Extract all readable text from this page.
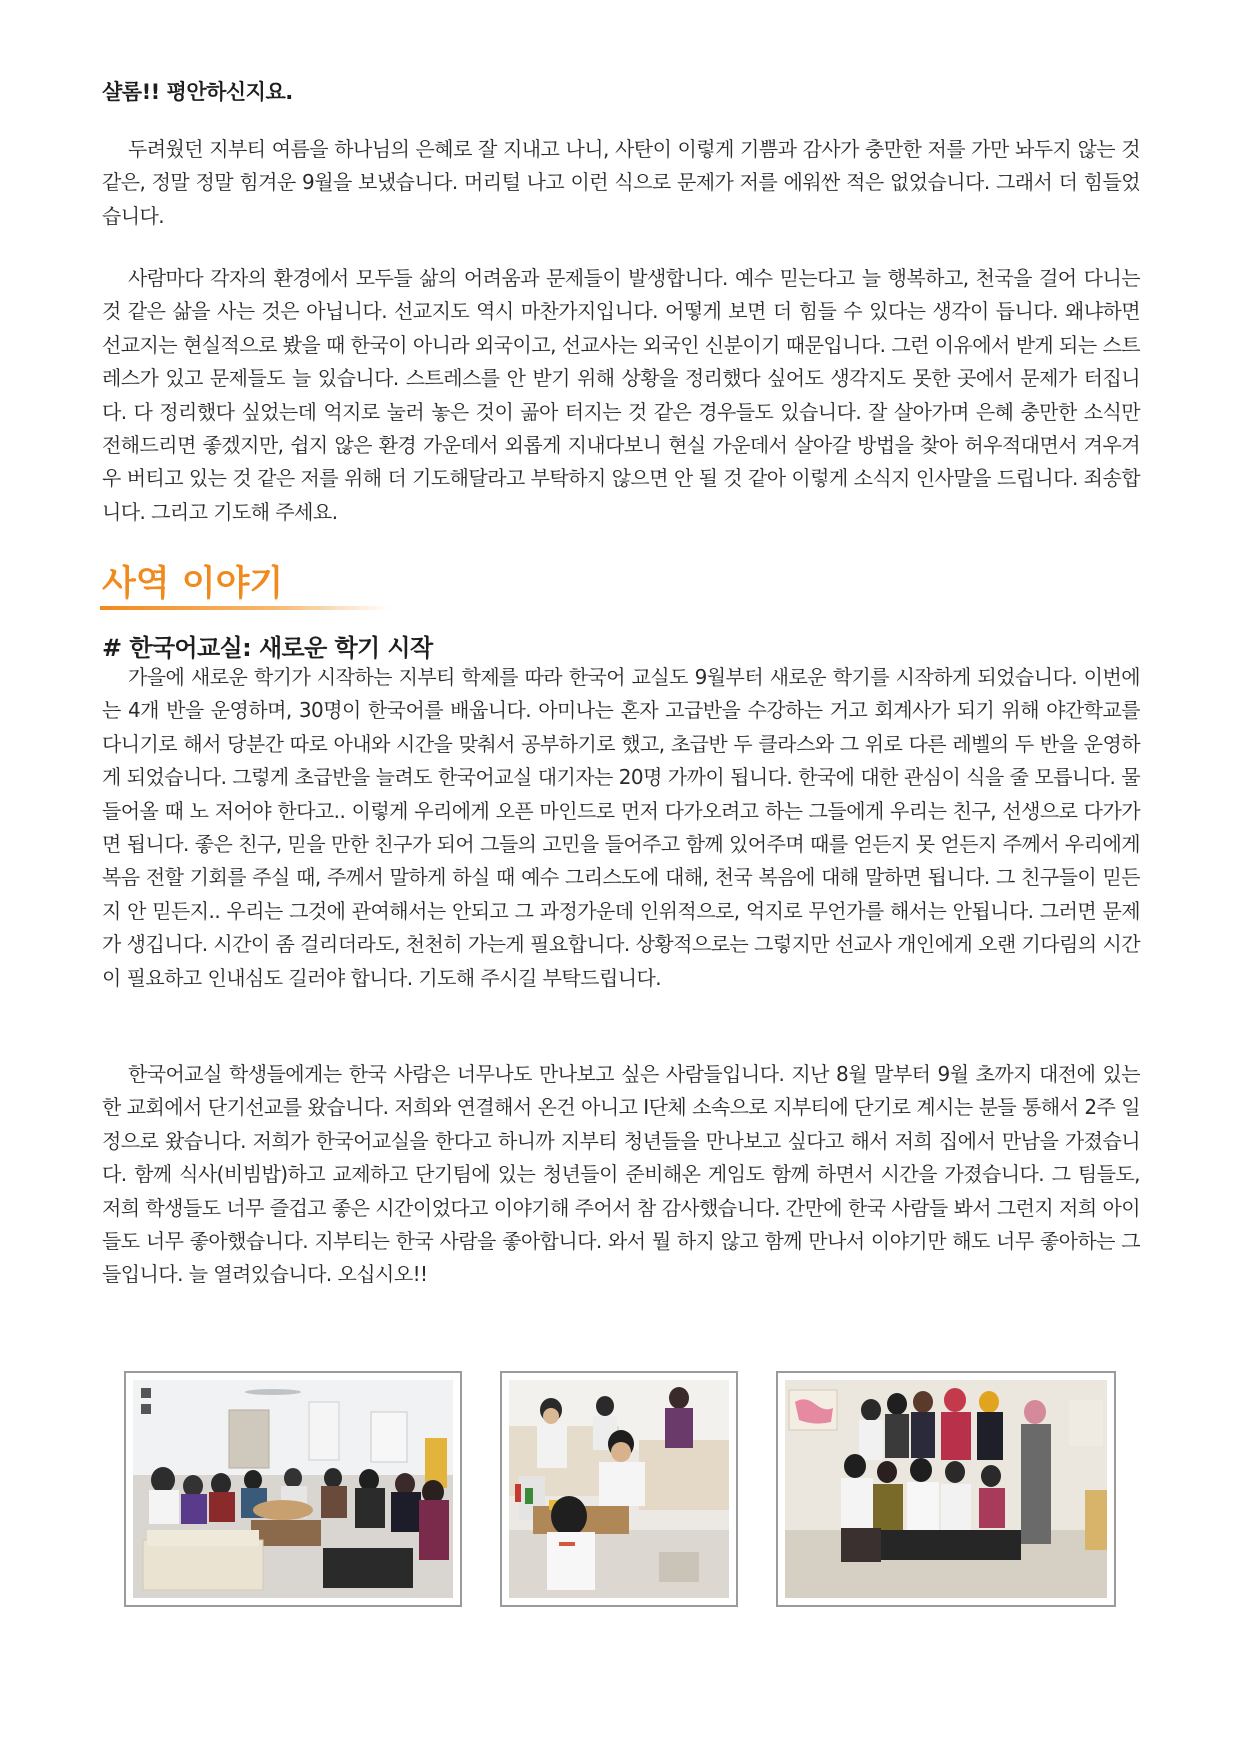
샬롬!! 평안하신지요.

두려웠던 지부티 여름을 하나님의 은혜로 잘 지내고 나니, 사탄이 이렇게 기쁨과 감사가 충만한 저를 가만 놔두지 않는 것 같은, 정말 정말 힘겨운 9월을 보냈습니다. 머리털 나고 이런 식으로 문제가 저를 에워싼 적은 없었습니다. 그래서 더 힘들었습니다.

사람마다 각자의 환경에서 모두들 삶의 어려움과 문제들이 발생합니다. 예수 믿는다고 늘 행복하고, 천국을 걸어 다니는 것 같은 삶을 사는 것은 아닙니다. 선교지도 역시 마찬가지입니다. 어떻게 보면 더 힘들 수 있다는 생각이 듭니다. 왜냐하면 선교지는 현실적으로 봤을 때 한국이 아니라 외국이고, 선교사는 외국인 신분이기 때문입니다. 그런 이유에서 받게 되는 스트레스가 있고 문제들도 늘 있습니다. 스트레스를 안 받기 위해 상황을 정리했다 싶어도 생각지도 못한 곳에서 문제가 터집니다. 다 정리했다 싶었는데 억지로 눌러 놓은 것이 곪아 터지는 것 같은 경우들도 있습니다. 잘 살아가며 은혜 충만한 소식만 전해드리면 좋겠지만, 쉽지 않은 환경 가운데서 외롭게 지내다보니 현실 가운데서 살아갈 방법을 찾아 허우적대면서 겨우겨우 버티고 있는 것 같은 저를 위해 더 기도해달라고 부탁하지 않으면 안 될 것 같아 이렇게 소식지 인사말을 드립니다. 죄송합니다. 그리고 기도해 주세요.

사역 이야기
# 한국어교실: 새로운 학기 시작

가을에 새로운 학기가 시작하는 지부티 학제를 따라 한국어 교실도 9월부터 새로운 학기를 시작하게 되었습니다. 이번에는 4개 반을 운영하며, 30명이 한국어를 배웁니다. 아미나는 혼자 고급반을 수강하는 거고 회계사가 되기 위해 야간학교를 다니기로 해서 당분간 따로 아내와 시간을 맞춰서 공부하기로 했고, 초급반 두 클라스와 그 위로 다른 레벨의 두 반을 운영하게 되었습니다. 그렇게 초급반을 늘려도 한국어교실 대기자는 20명 가까이 됩니다. 한국에 대한 관심이 식을 줄 모릅니다. 물 들어올 때 노 저어야 한다고.. 이렇게 우리에게 오픈 마인드로 먼저 다가오려고 하는 그들에게 우리는 친구, 선생으로 다가가면 됩니다. 좋은 친구, 믿을 만한 친구가 되어 그들의 고민을 들어주고 함께 있어주며 때를 얻든지 못 얻든지 주께서 우리에게 복음 전할 기회를 주실 때, 주께서 말하게 하실 때 예수 그리스도에 대해, 천국 복음에 대해 말하면 됩니다. 그 친구들이 믿든지 안 믿든지.. 우리는 그것에 관여해서는 안되고 그 과정가운데 인위적으로, 억지로 무언가를 해서는 안됩니다. 그러면 문제가 생깁니다. 시간이 좀 걸리더라도, 천천히 가는게 필요합니다. 상황적으로는 그렇지만 선교사 개인에게 오랜 기다림의 시간이 필요하고 인내심도 길러야 합니다. 기도해 주시길 부탁드립니다.

한국어교실 학생들에게는 한국 사람은 너무나도 만나보고 싶은 사람들입니다. 지난 8월 말부터 9월 초까지 대전에 있는 한 교회에서 단기선교를 왔습니다. 저희와 연결해서 온건 아니고 I단체 소속으로 지부티에 단기로 계시는 분들 통해서 2주 일정으로 왔습니다. 저희가 한국어교실을 한다고 하니까 지부티 청년들을 만나보고 싶다고 해서 저희 집에서 만남을 가졌습니다. 함께 식사(비빔밥)하고 교제하고 단기팀에 있는 청년들이 준비해온 게임도 함께 하면서 시간을 가졌습니다. 그 팀들도, 저희 학생들도 너무 즐겁고 좋은 시간이었다고 이야기해 주어서 참 감사했습니다. 간만에 한국 사람들 봐서 그런지 저희 아이들도 너무 좋아했습니다. 지부티는 한국 사람을 좋아합니다. 와서 뭘 하지 않고 함께 만나서 이야기만 해도 너무 좋아하는 그들입니다. 늘 열려있습니다. 오십시오!!
